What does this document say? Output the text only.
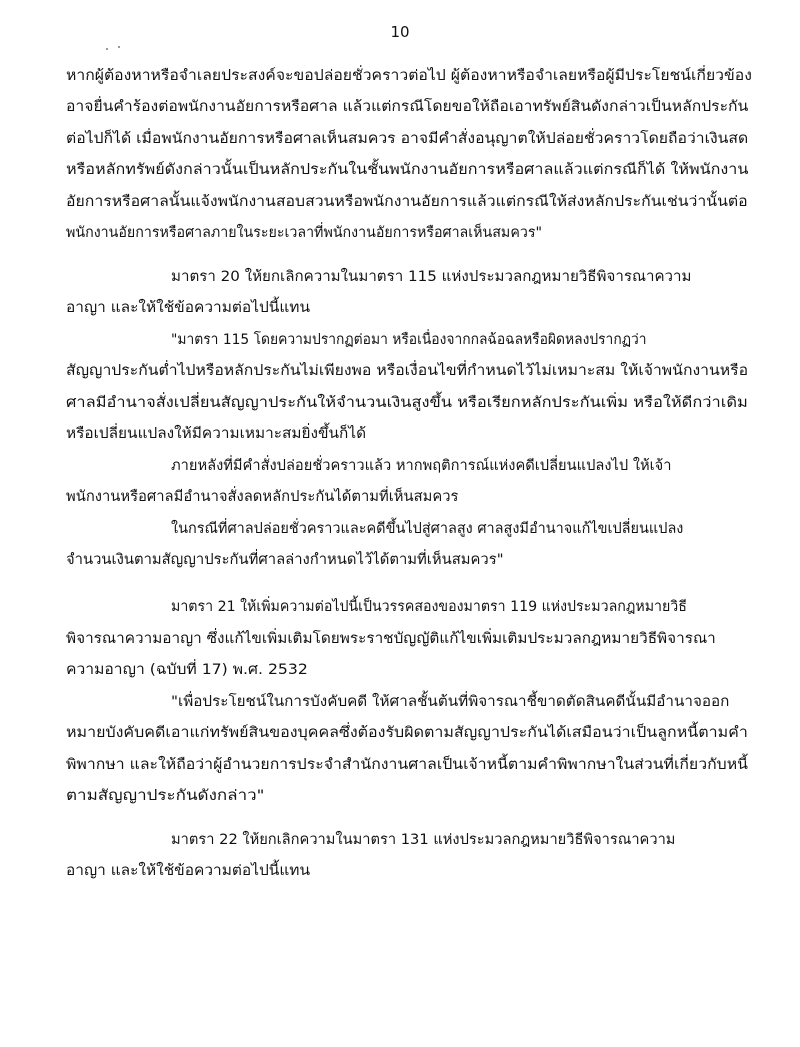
10
หากผู้ต้องหาหรือจำเลยประสงค์จะขอปล่อยชั่วคราวต่อไป ผู้ต้องหาหรือจำเลยหรือผู้มีประโยชน์เกี่ยวข้อง
อาจยื่นคำร้องต่อพนักงานอัยการหรือศาล แล้วแต่กรณีโดยขอให้ถือเอาทรัพย์สินดังกล่าวเป็นหลักประกัน
ต่อไปก็ได้ เมื่อพนักงานอัยการหรือศาลเห็นสมควร อาจมีคำสั่งอนุญาตให้ปล่อยชั่วคราวโดยถือว่าเงินสด
หรือหลักทรัพย์ดังกล่าวนั้นเป็นหลักประกันในชั้นพนักงานอัยการหรือศาลแล้วแต่กรณีก็ได้ ให้พนักงาน
อัยการหรือศาลนั้นแจ้งพนักงานสอบสวนหรือพนักงานอัยการแล้วแต่กรณีให้ส่งหลักประกันเช่นว่านั้นต่อ
พนักงานอัยการหรือศาลภายในระยะเวลาที่พนักงานอัยการหรือศาลเห็นสมควร"
มาตรา 20 ให้ยกเลิกความในมาตรา 115 แห่งประมวลกฎหมายวิธีพิจารณาความ
อาญา และให้ใช้ข้อความต่อไปนี้แทน
"มาตรา 115 โดยความปรากฏต่อมา หรือเนื่องจากกลฉ้อฉลหรือผิดหลงปรากฏว่า
สัญญาประกันต่ำไปหรือหลักประกันไม่เพียงพอ หรือเงื่อนไขที่กำหนดไว้ไม่เหมาะสม ให้เจ้าพนักงานหรือ
ศาลมีอำนาจสั่งเปลี่ยนสัญญาประกันให้จำนวนเงินสูงขึ้น หรือเรียกหลักประกันเพิ่ม หรือให้ดีกว่าเดิม
หรือเปลี่ยนแปลงให้มีความเหมาะสมยิ่งขึ้นก็ได้
ภายหลังที่มีคำสั่งปล่อยชั่วคราวแล้ว หากพฤติการณ์แห่งคดีเปลี่ยนแปลงไป ให้เจ้า
พนักงานหรือศาลมีอำนาจสั่งลดหลักประกันได้ตามที่เห็นสมควร
ในกรณีที่ศาลปล่อยชั่วคราวและคดีขึ้นไปสู่ศาลสูง ศาลสูงมีอำนาจแก้ไขเปลี่ยนแปลง
จำนวนเงินตามสัญญาประกันที่ศาลล่างกำหนดไว้ได้ตามที่เห็นสมควร"
มาตรา 21 ให้เพิ่มความต่อไปนี้เป็นวรรคสองของมาตรา 119 แห่งประมวลกฎหมายวิธี
พิจารณาความอาญา ซึ่งแก้ไขเพิ่มเติมโดยพระราชบัญญัติแก้ไขเพิ่มเติมประมวลกฎหมายวิธีพิจารณา
ความอาญา (ฉบับที่ 17) พ.ศ. 2532
"เพื่อประโยชน์ในการบังคับคดี ให้ศาลชั้นต้นที่พิจารณาชี้ขาดตัดสินคดีนั้นมีอำนาจออก
หมายบังคับคดีเอาแก่ทรัพย์สินของบุคคลซึ่งต้องรับผิดตามสัญญาประกันได้เสมือนว่าเป็นลูกหนี้ตามคำ
พิพากษา และให้ถือว่าผู้อำนวยการประจำสำนักงานศาลเป็นเจ้าหนี้ตามคำพิพากษาในส่วนที่เกี่ยวกับหนี้
ตามสัญญาประกันดังกล่าว"
มาตรา 22 ให้ยกเลิกความในมาตรา 131 แห่งประมวลกฎหมายวิธีพิจารณาความ
อาญา และให้ใช้ข้อความต่อไปนี้แทน
